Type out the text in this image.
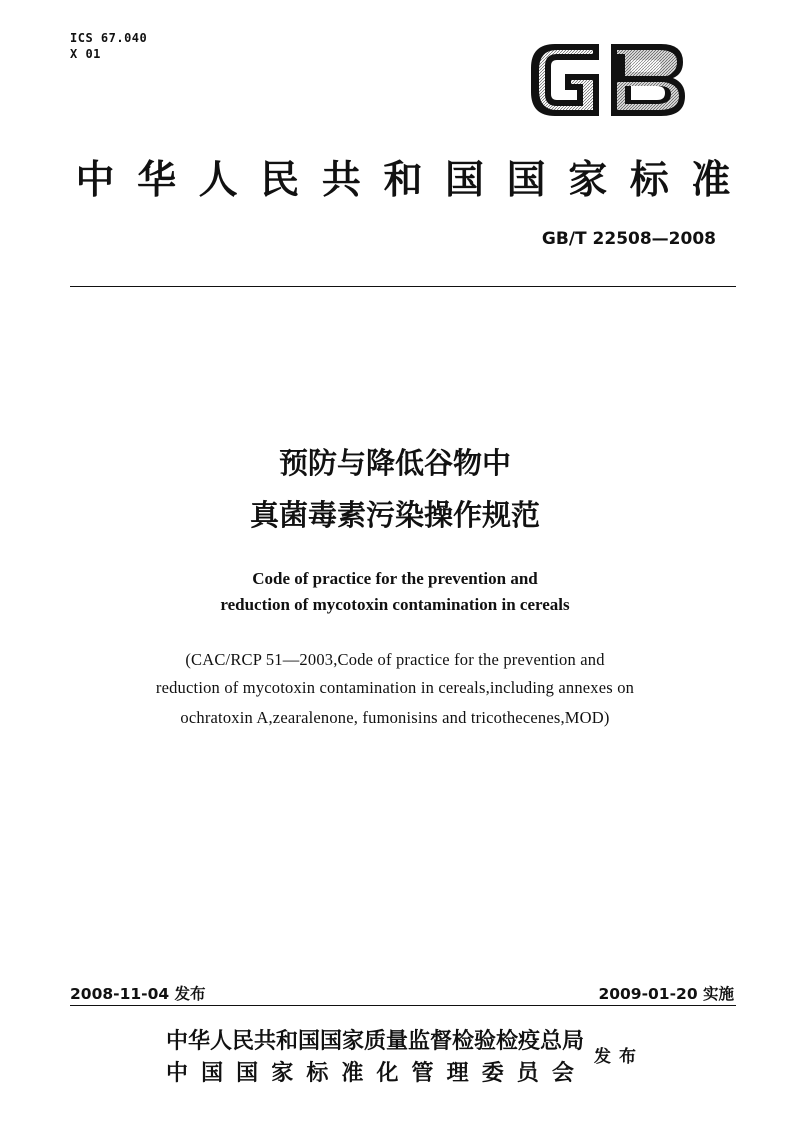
ICS 67.040
X 01
中 华 人 民 共 和 国 国 家 标 准
GB/T 22508—2008
预防与降低谷物中
真菌毒素污染操作规范
Code of practice for the prevention and
reduction of mycotoxin contamination in cereals
(CAC/RCP 51—2003,Code of practice for the prevention and
reduction of mycotoxin contamination in cereals,including annexes on
ochratoxin A,zearalenone, fumonisins and tricothecenes,MOD)
2008-11-04 发布	2009-01-20 实施
中华人民共和国国家质量监督检验检疫总局
中 国 国 家 标 准 化 管 理 委 员 会
发布
